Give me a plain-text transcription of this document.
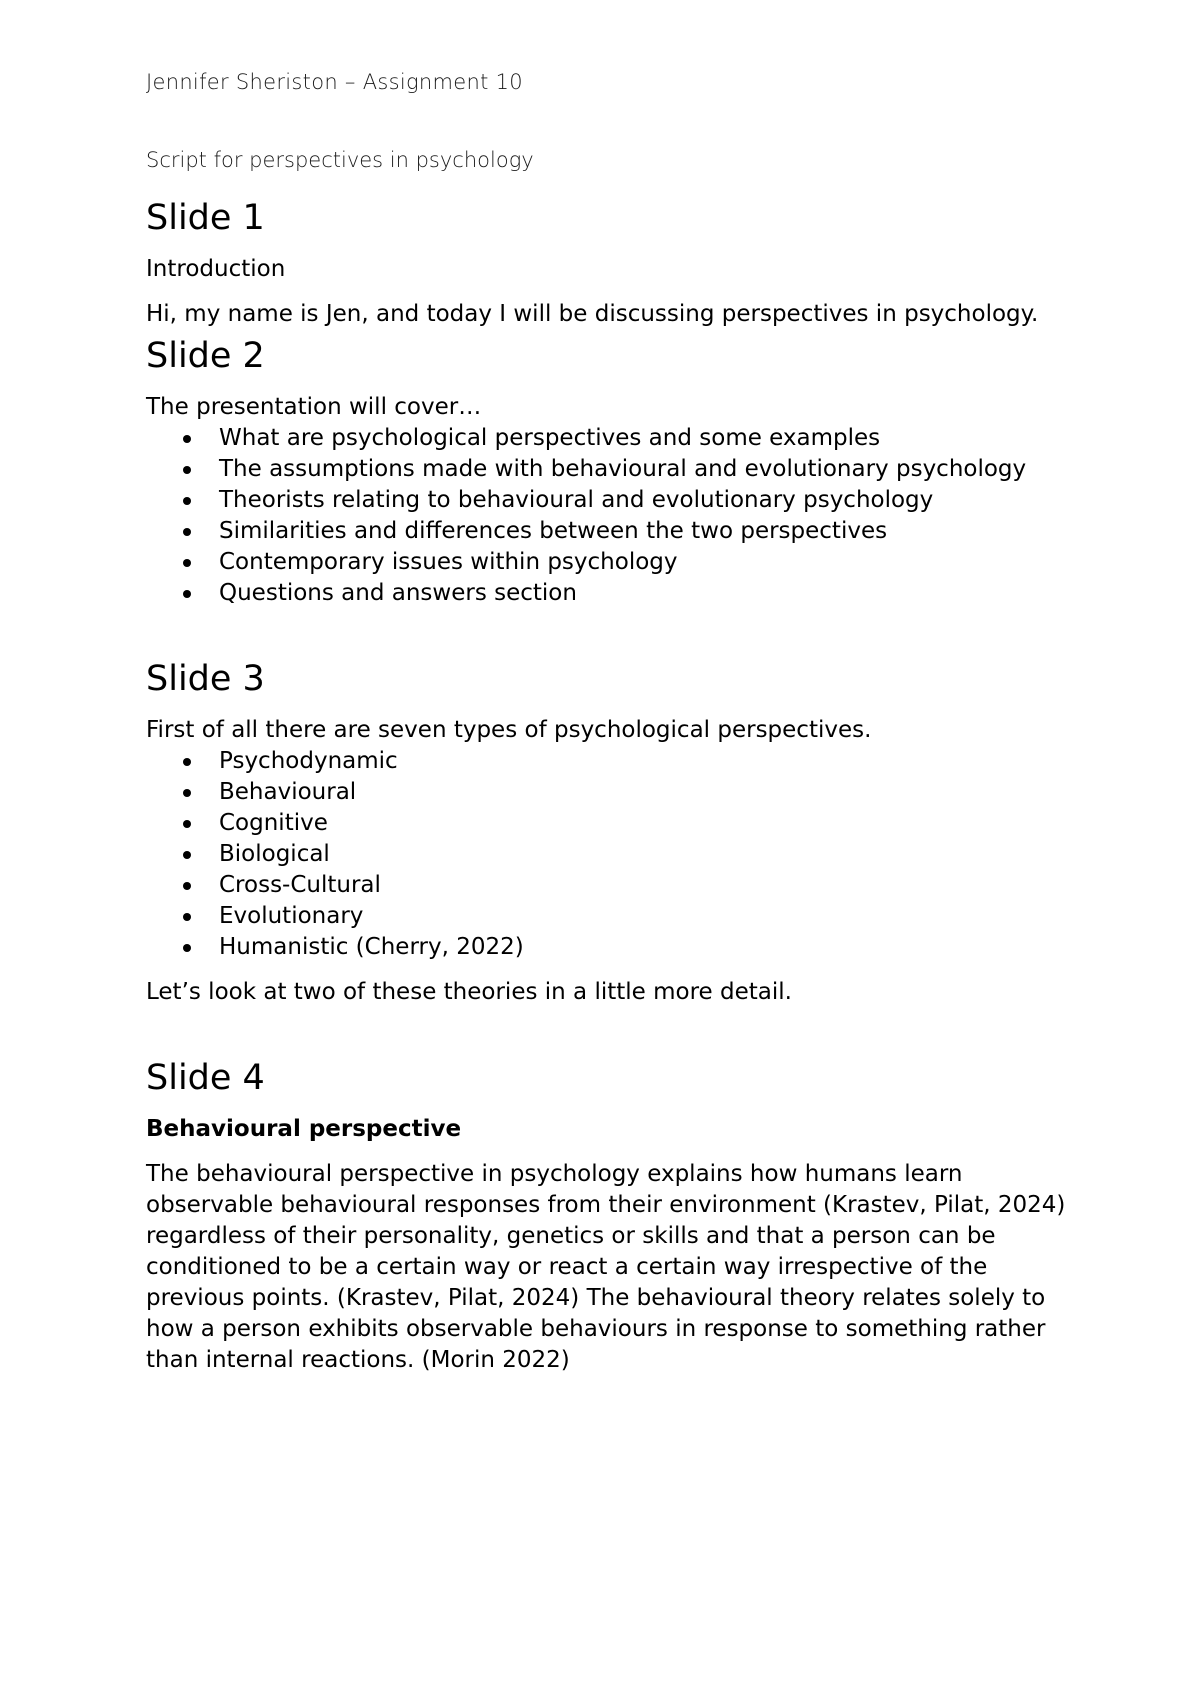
Jennifer Sheriston – Assignment 10

Script for perspectives in psychology

Slide 1

Introduction

Hi, my name is Jen, and today I will be discussing perspectives in psychology.

Slide 2

The presentation will cover…

What are psychological perspectives and some examples
The assumptions made with behavioural and evolutionary psychology
Theorists relating to behavioural and evolutionary psychology
Similarities and differences between the two perspectives
Contemporary issues within psychology
Questions and answers section
Slide 3

First of all there are seven types of psychological perspectives.

Psychodynamic
Behavioural
Cognitive
Biological
Cross-Cultural
Evolutionary
Humanistic (Cherry, 2022)

Let’s look at two of these theories in a little more detail.

Slide 4

Behavioural perspective

The behavioural perspective in psychology explains how humans learn observable behavioural responses from their environment (Krastev, Pilat, 2024) regardless of their personality, genetics or skills and that a person can be conditioned to be a certain way or react a certain way irrespective of the previous points. (Krastev, Pilat, 2024) The behavioural theory relates solely to how a person exhibits observable behaviours in response to something rather than internal reactions. (Morin 2022)
